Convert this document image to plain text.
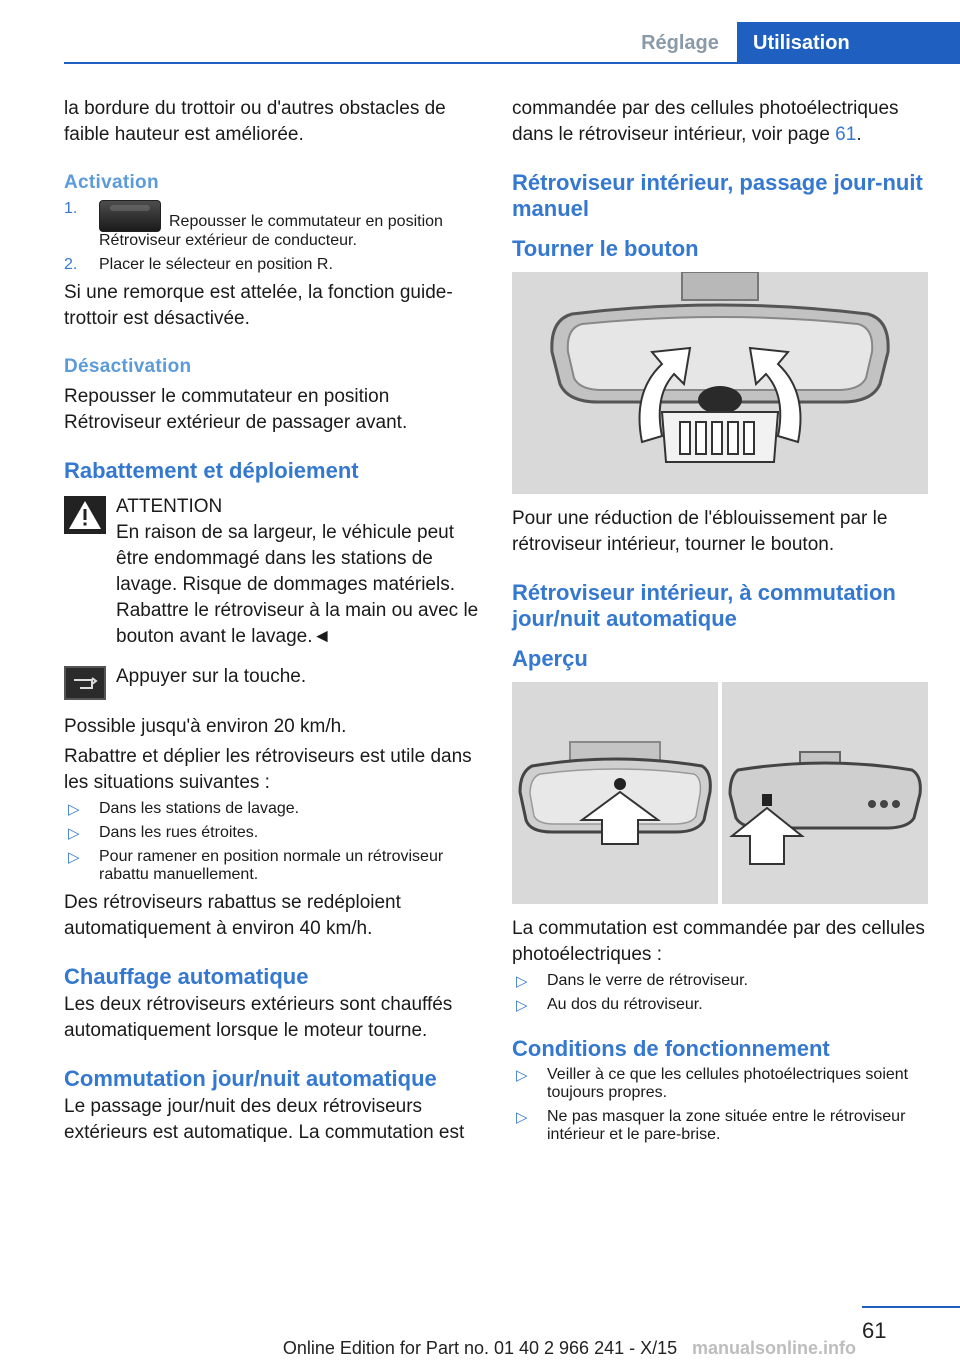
Réglage	Utilisation

la bordure du trottoir ou d'autres obstacles de faible hauteur est améliorée.

Activation
1.
Repousser le commutateur en position Rétroviseur extérieur de conducteur.
2. Placer le sélecteur en position R.

Si une remorque est attelée, la fonction guide-trottoir est désactivée.

Désactivation

Repousser le commutateur en position Rétroviseur extérieur de passager avant.

Rabattement et déploiement

ATTENTION

En raison de sa largeur, le véhicule peut être endommagé dans les stations de lavage. Risque de dommages matériels. Rabattre le rétroviseur à la main ou avec le bouton avant le lavage.◄

Appuyer sur la touche.

Possible jusqu'à environ 20 km/h.

Rabattre et déplier les rétroviseurs est utile dans les situations suivantes :

▷ Dans les stations de lavage.
▷ Dans les rues étroites.
▷ Pour ramener en position normale un rétroviseur rabattu manuellement.

Des rétroviseurs rabattus se redéploient automatiquement à environ 40 km/h.

Chauffage automatique

Les deux rétroviseurs extérieurs sont chauffés automatiquement lorsque le moteur tourne.

Commutation jour/nuit automatique

Le passage jour/nuit des deux rétroviseurs extérieurs est automatique. La commutation est

commandée par des cellules photoélectriques dans le rétroviseur intérieur, voir page 61.

Rétroviseur intérieur, passage jour-nuit manuel
Tourner le bouton

Pour une réduction de l'éblouissement par le rétroviseur intérieur, tourner le bouton.

Rétroviseur intérieur, à commutation jour/nuit automatique
Aperçu

La commutation est commandée par des cellules photoélectriques :

▷ Dans le verre de rétroviseur.
▷ Au dos du rétroviseur.
Conditions de fonctionnement
▷ Veiller à ce que les cellules photoélectriques soient toujours propres.
▷ Ne pas masquer la zone située entre le rétroviseur intérieur et le pare-brise.
61
Online Edition for Part no. 01 40 2 966 241 - X/15 manualsonline.info
